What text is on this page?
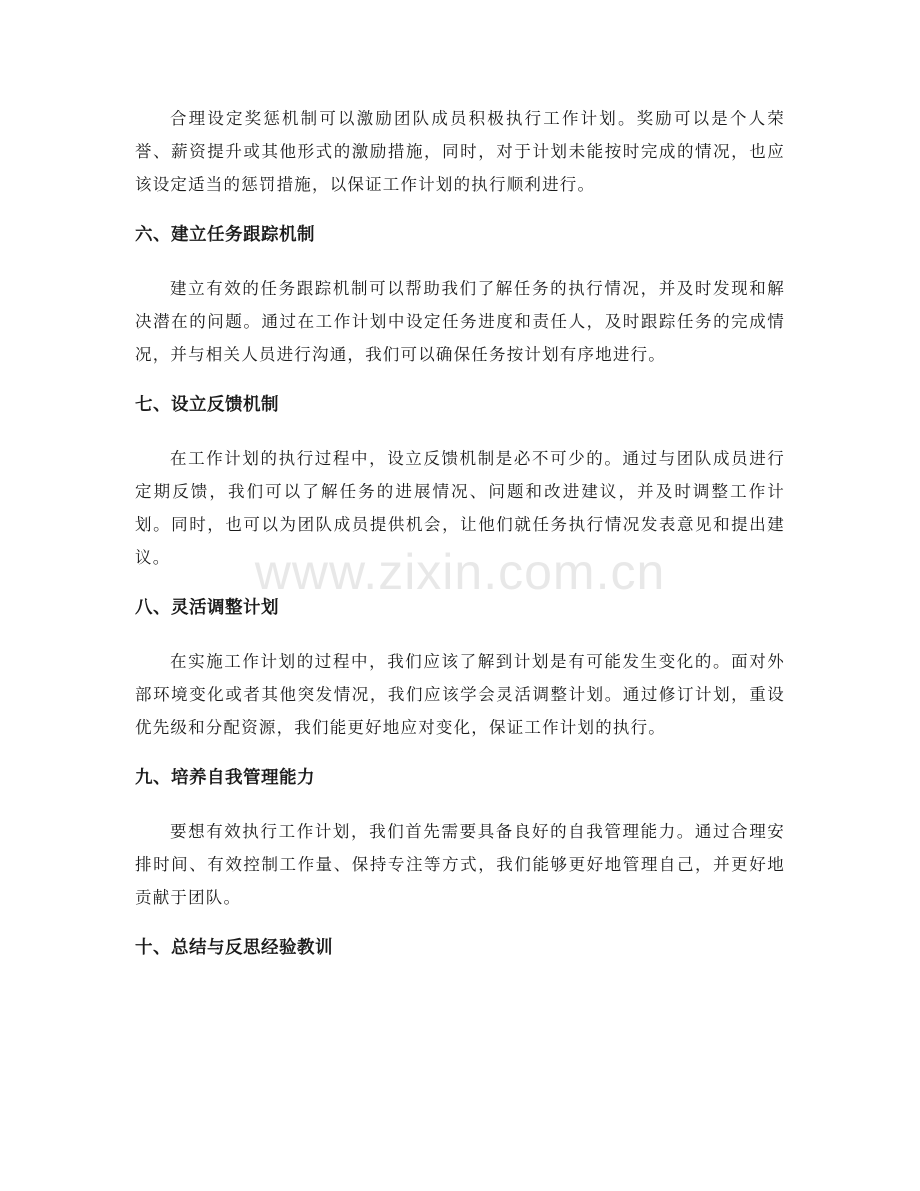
合理设定奖惩机制可以激励团队成员积极执行工作计划。奖励可以是个人荣誉、薪资提升或其他形式的激励措施，同时，对于计划未能按时完成的情况，也应该设定适当的惩罚措施，以保证工作计划的执行顺利进行。

六、建立任务跟踪机制

建立有效的任务跟踪机制可以帮助我们了解任务的执行情况，并及时发现和解决潜在的问题。通过在工作计划中设定任务进度和责任人，及时跟踪任务的完成情况，并与相关人员进行沟通，我们可以确保任务按计划有序地进行。

七、设立反馈机制

在工作计划的执行过程中，设立反馈机制是必不可少的。通过与团队成员进行定期反馈，我们可以了解任务的进展情况、问题和改进建议，并及时调整工作计划。同时，也可以为团队成员提供机会，让他们就任务执行情况发表意见和提出建议。

八、灵活调整计划

在实施工作计划的过程中，我们应该了解到计划是有可能发生变化的。面对外部环境变化或者其他突发情况，我们应该学会灵活调整计划。通过修订计划，重设优先级和分配资源，我们能更好地应对变化，保证工作计划的执行。

九、培养自我管理能力

要想有效执行工作计划，我们首先需要具备良好的自我管理能力。通过合理安排时间、有效控制工作量、保持专注等方式，我们能够更好地管理自己，并更好地贡献于团队。

十、总结与反思经验教训
www.zixin.com.cn
